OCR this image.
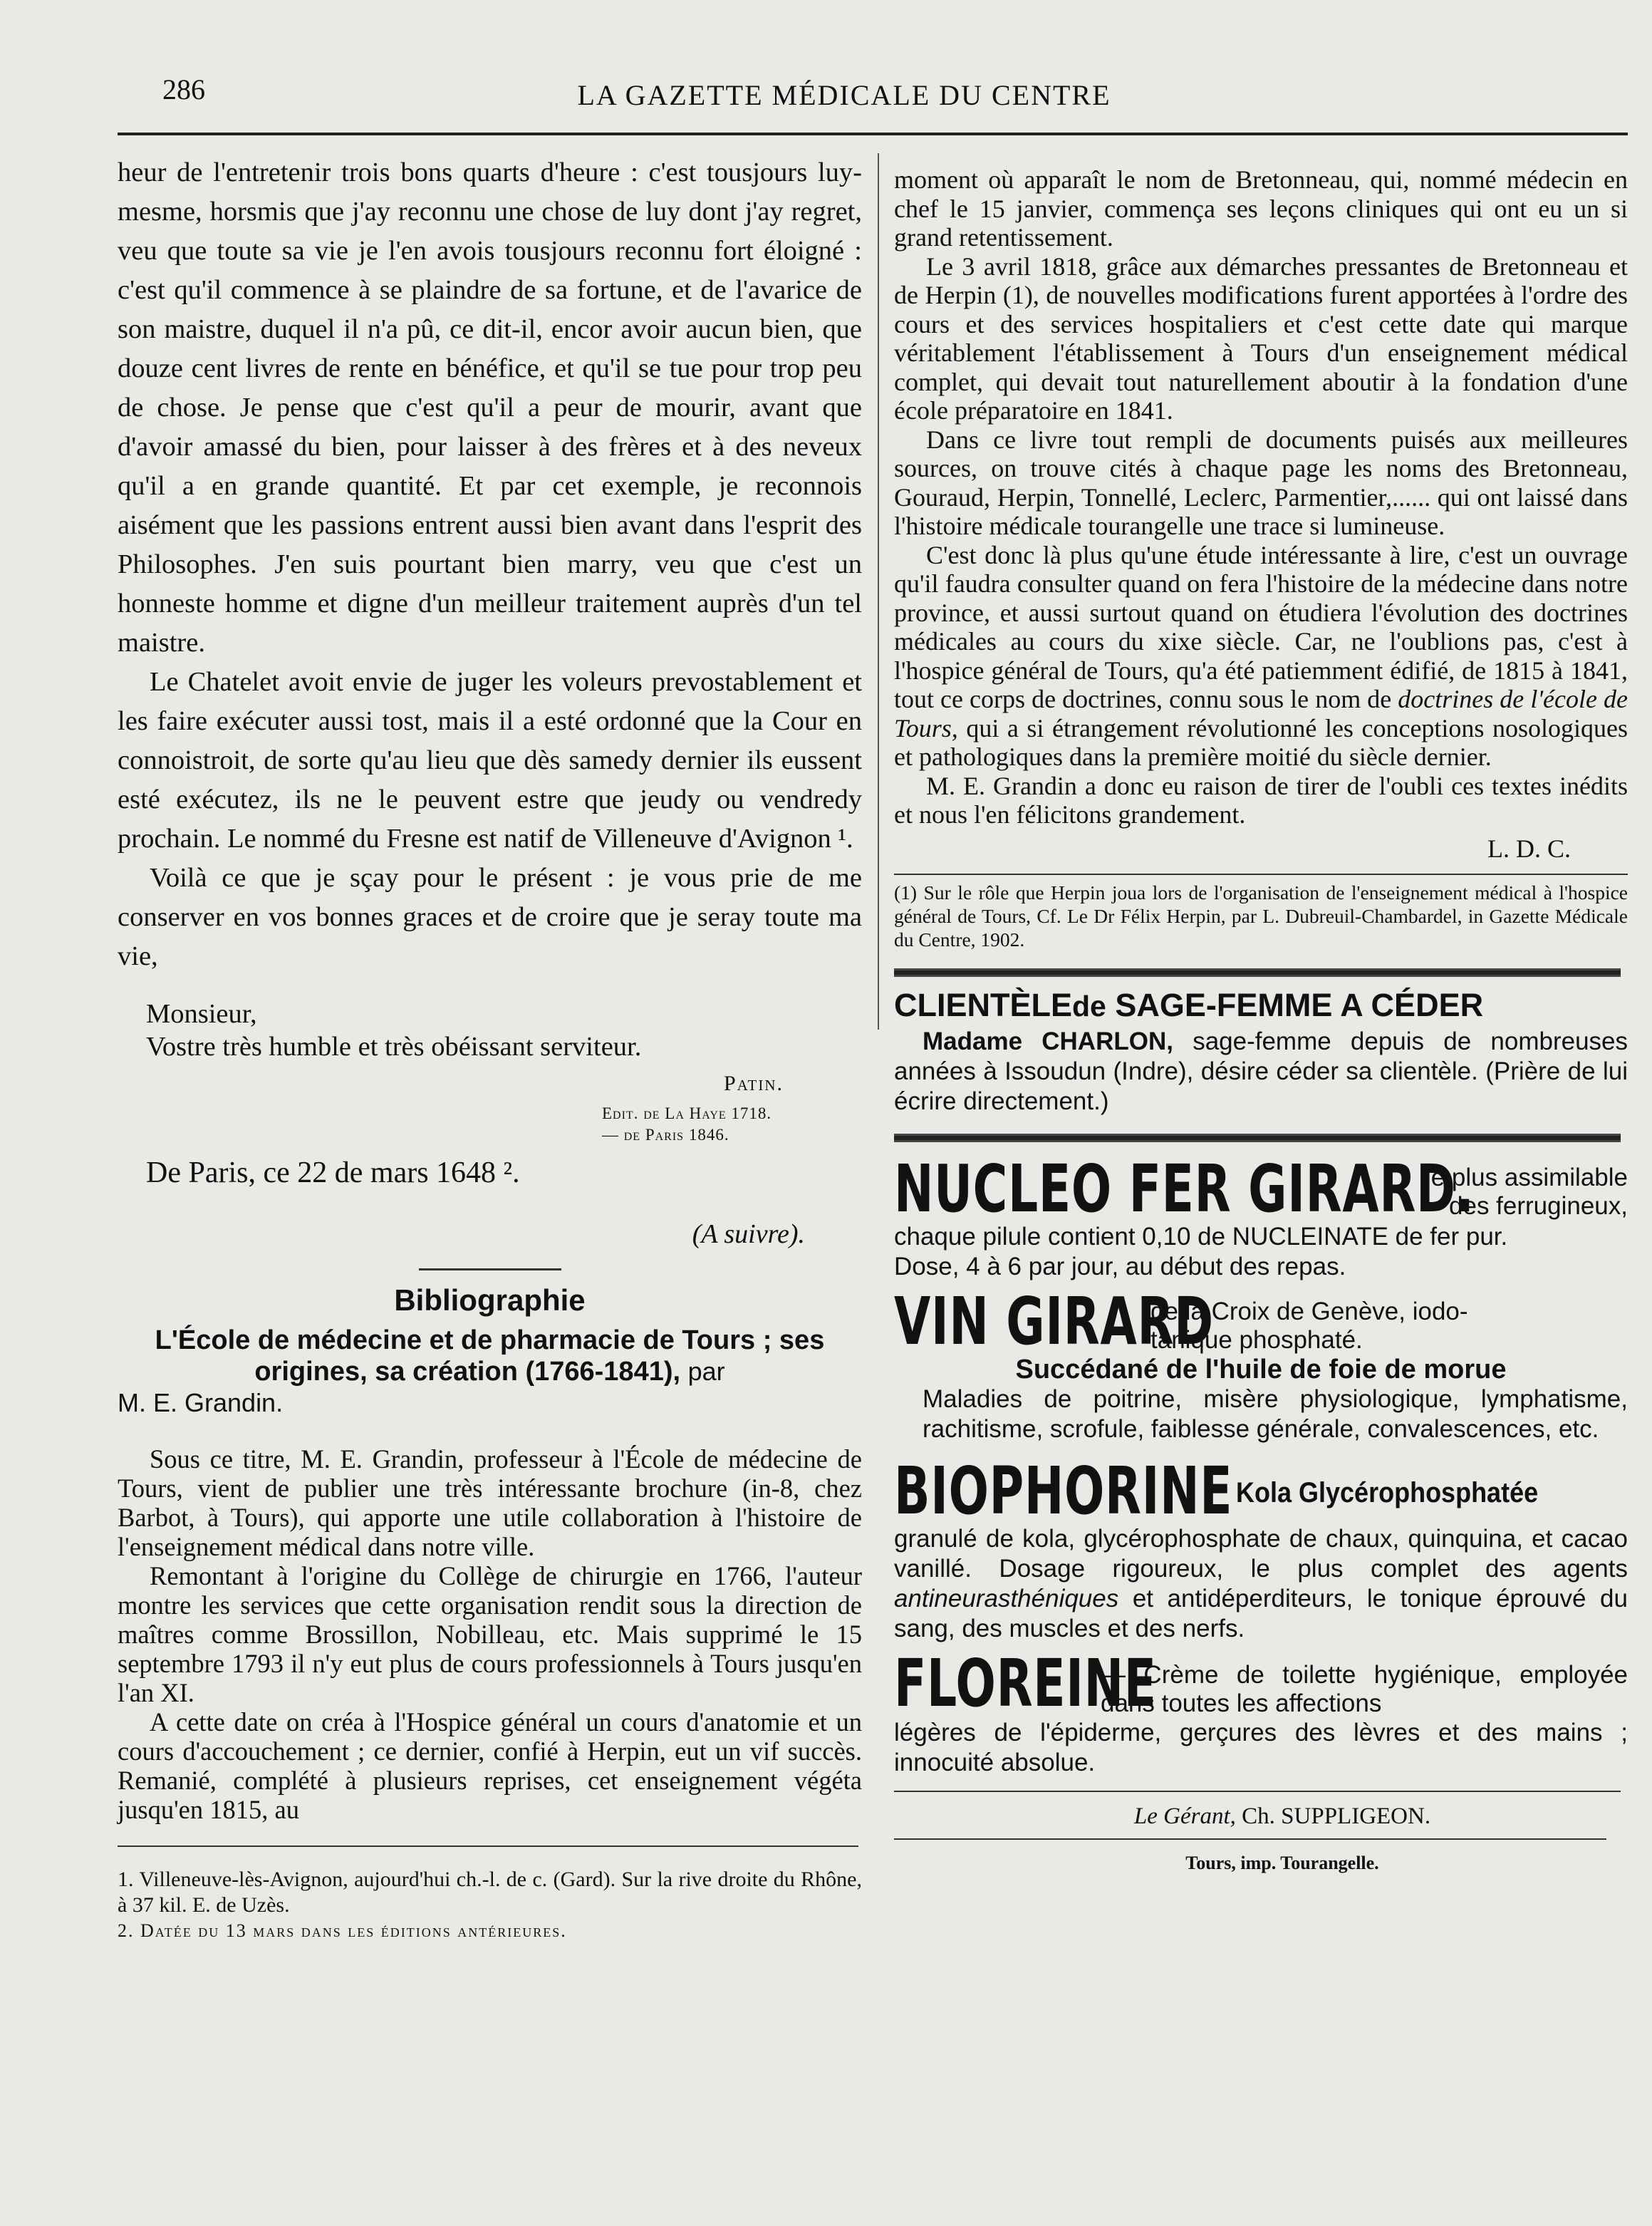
286	LA GAZETTE MÉDICALE DU CENTRE

heur de l'entretenir trois bons quarts d'heure : c'est tousjours luy-mesme, horsmis que j'ay reconnu une chose de luy dont j'ay regret, veu que toute sa vie je l'en avois tousjours reconnu fort éloigné : c'est qu'il commence à se plaindre de sa fortune, et de l'avarice de son maistre, duquel il n'a pû, ce dit-il, encor avoir aucun bien, que douze cent livres de rente en bénéfice, et qu'il se tue pour trop peu de chose. Je pense que c'est qu'il a peur de mourir, avant que d'avoir amassé du bien, pour laisser à des frères et à des neveux qu'il a en grande quantité. Et par cet exemple, je reconnois aisément que les passions entrent aussi bien avant dans l'esprit des Philosophes. J'en suis pourtant bien marry, veu que c'est un honneste homme et digne d'un meilleur traitement auprès d'un tel maistre.

Le Chatelet avoit envie de juger les voleurs prevostablement et les faire exécuter aussi tost, mais il a esté ordonné que la Cour en connoistroit, de sorte qu'au lieu que dès samedy dernier ils eussent esté exécutez, ils ne le peuvent estre que jeudy ou vendredy prochain. Le nommé du Fresne est natif de Villeneuve d'Avignon ¹.

Voilà ce que je sçay pour le présent : je vous prie de me conserver en vos bonnes graces et de croire que je seray toute ma vie,

Monsieur,
Vostre très humble et très obéissant serviteur.
Patin.
Edit. de La Haye 1718.
— de Paris 1846.
De Paris, ce 22 de mars 1648 ².
(A suivre).
Bibliographie
L'École de médecine et de pharmacie de Tours ; ses origines, sa création (1766-1841), par
M. E. Grandin.

Sous ce titre, M. E. Grandin, professeur à l'École de médecine de Tours, vient de publier une très intéressante brochure (in-8, chez Barbot, à Tours), qui apporte une utile collaboration à l'histoire de l'enseignement médical dans notre ville.

Remontant à l'origine du Collège de chirurgie en 1766, l'auteur montre les services que cette organisation rendit sous la direction de maîtres comme Brossillon, Nobilleau, etc. Mais supprimé le 15 septembre 1793 il n'y eut plus de cours professionnels à Tours jusqu'en l'an XI.

A cette date on créa à l'Hospice général un cours d'anatomie et un cours d'accouchement ; ce dernier, confié à Herpin, eut un vif succès. Remanié, complété à plusieurs reprises, cet enseignement végéta jusqu'en 1815, au

1. Villeneuve-lès-Avignon, aujourd'hui ch.-l. de c. (Gard). Sur la rive droite du Rhône, à 37 kil. E. de Uzès.

2. Datée du 13 mars dans les éditions antérieures.

moment où apparaît le nom de Bretonneau, qui, nommé médecin en chef le 15 janvier, commença ses leçons cliniques qui ont eu un si grand retentissement.

Le 3 avril 1818, grâce aux démarches pressantes de Bretonneau et de Herpin (1), de nouvelles modifications furent apportées à l'ordre des cours et des services hospitaliers et c'est cette date qui marque véritablement l'établissement à Tours d'un enseignement médical complet, qui devait tout naturellement aboutir à la fondation d'une école préparatoire en 1841.

Dans ce livre tout rempli de documents puisés aux meilleures sources, on trouve cités à chaque page les noms des Bretonneau, Gouraud, Herpin, Tonnellé, Leclerc, Parmentier,...... qui ont laissé dans l'histoire médicale tourangelle une trace si lumineuse.

C'est donc là plus qu'une étude intéressante à lire, c'est un ouvrage qu'il faudra consulter quand on fera l'histoire de la médecine dans notre province, et aussi surtout quand on étudiera l'évolution des doctrines médicales au cours du xixe siècle. Car, ne l'oublions pas, c'est à l'hospice général de Tours, qu'a été patiemment édifié, de 1815 à 1841, tout ce corps de doctrines, connu sous le nom de doctrines de l'école de Tours, qui a si étrangement révolutionné les conceptions nosologiques et pathologiques dans la première moitié du siècle dernier.

M. E. Grandin a donc eu raison de tirer de l'oubli ces textes inédits et nous l'en félicitons grandement.

L. D. C.

(1) Sur le rôle que Herpin joua lors de l'organisation de l'enseignement médical à l'hospice général de Tours, Cf. Le Dr Félix Herpin, par L. Dubreuil-Chambardel, in Gazette Médicale du Centre, 1902.

CLIENTÈLEde SAGE-FEMME A CÉDER

Madame CHARLON, sage-femme depuis de nombreuses années à Issoudun (Indre), désire céder sa clientèle. (Prière de lui écrire directement.)

NUCLEO FER GIRARD.
le plus assimilable
des ferrugineux,
chaque pilule contient 0,10 de NUCLEINATE de fer pur.
Dose, 4 à 6 par jour, au début des repas.
VIN GIRARD
de la Croix de Genève, iodo-
tanique phosphaté.
Succédané de l'huile de foie de morue

Maladies de poitrine, misère physiologique, lymphatisme, rachitisme, scrofule, faiblesse générale, convalescences, etc.

BIOPHORINE Kola Glycérophosphatée

granulé de kola, glycérophosphate de chaux, quinquina, et cacao vanillé. Dosage rigoureux, le plus complet des agents antineurasthéniques et antidéperditeurs, le tonique éprouvé du sang, des muscles et des nerfs.

FLOREINE
— Crème de toilette hygiénique, employée dans toutes les affections

légères de l'épiderme, gerçures des lèvres et des mains ; innocuité absolue.

Le Gérant, Ch. SUPPLIGEON.
Tours, imp. Tourangelle.
